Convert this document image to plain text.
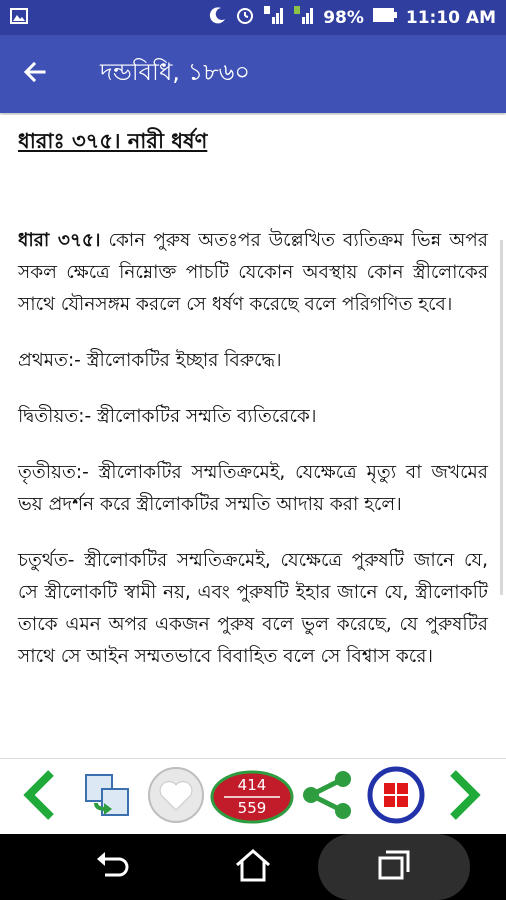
98% 11:10 AM
দন্ডবিধি, ১৮৬০
ধারাঃ ৩৭৫। নারী ধর্ষণ

ধারা ৩৭৫। কোন পুরুষ অতঃপর উল্লেখিত ব্যতিক্রম ভিন্ন অপর সকল ক্ষেত্রে নিম্নোক্ত পাচটি যেকোন অবস্থায় কোন স্ত্রীলোকের সাথে যৌনসঙ্গম করলে সে ধর্ষণ করেছে বলে পরিগণিত হবে।

প্রথমত:- স্ত্রীলোকটির ইচ্ছার বিরুদ্ধে।

দ্বিতীয়ত:- স্ত্রীলোকটির সম্মতি ব্যতিরেকে।

তৃতীয়ত:- স্ত্রীলোকটির সম্মতিক্রমেই, যেক্ষেত্রে মৃত্যু বা জখমের ভয় প্রদর্শন করে স্ত্রীলোকটির সম্মতি আদায় করা হলে।

চতুর্থত- স্ত্রীলোকটির সম্মতিক্রমেই, যেক্ষেত্রে পুরুষটি জানে যে, সে স্ত্রীলোকটি স্বামী নয়, এবং পুরুষটি ইহার জানে যে, স্ত্রীলোকটি তাকে এমন অপর একজন পুরুষ বলে ভুল করেছে, যে পুরুষটির সাথে সে আইন সম্মতভাবে বিবাহিত বলে সে বিশ্বাস করে।

414
559
